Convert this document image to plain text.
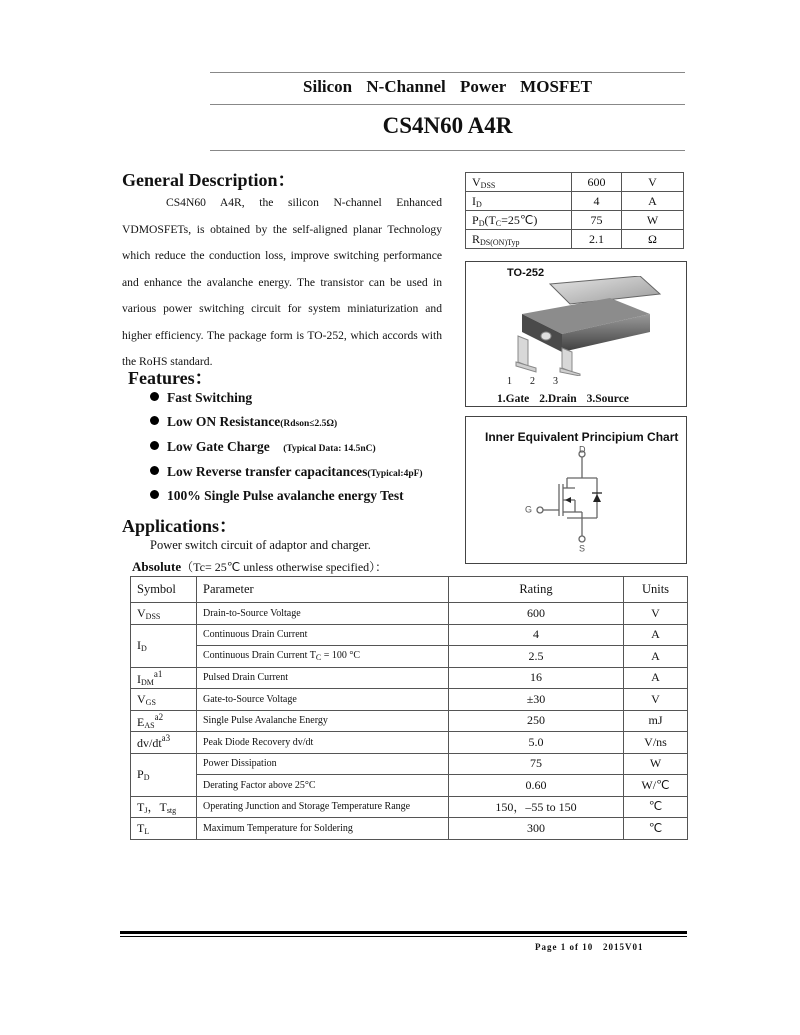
Silicon N-Channel Power MOSFET
CS4N60 A4R
General Description：

CS4N60 A4R, the silicon N-channel Enhanced VDMOSFETs, is obtained by the self-aligned planar Technology which reduce the conduction loss, improve switching performance and enhance the avalanche energy. The transistor can be used in various power switching circuit for system miniaturization and higher efficiency. The package form is TO-252, which accords with the RoHS standard.

$V_{DSS}$	600	V
$I_D$	4	A
$P_D(T_C=25℃)$	75	W
$R_{DS(ON)Typ}$	2.1	Ω
TO-252
1 2 3
1.Gate 2.Drain 3.Source
Inner Equivalent Principium Chart
D
S
G
Features：
Fast Switching
Low ON Resistance(Rdson≤2.5Ω)
Low Gate Charge (Typical Data: 14.5nC)
Low Reverse transfer capacitances(Typical:4pF)
100% Single Pulse avalanche energy Test
Applications：
Power switch circuit of adaptor and charger.
Absolute（Tc= 25℃ unless otherwise specified）：
Symbol	Parameter	Rating	Units
$V_{DSS}$	Drain-to-Source Voltage	600	V
$I_D$	Continuous Drain Current	4	A
	Continuous Drain Current $T_C = 100$ °C	2.5	A
$I_{DM}^{a1}$	Pulsed Drain Current	16	A
$V_{GS}$	Gate-to-Source Voltage	±30	V
$E_{AS}^{a2}$	Single Pulse Avalanche Energy	250	mJ
$dv/dt^{a3}$	Peak Diode Recovery dv/dt	5.0	V/ns
$P_D$	Power Dissipation	75	W
	Derating Factor above 25°C	0.60	W/℃
$T_J$，$T_{stg}$	Operating Junction and Storage Temperature Range	150，–55 to 150	℃
$T_L$	Maximum Temperature for Soldering	300	℃
Page 1 of 10 2015V01
